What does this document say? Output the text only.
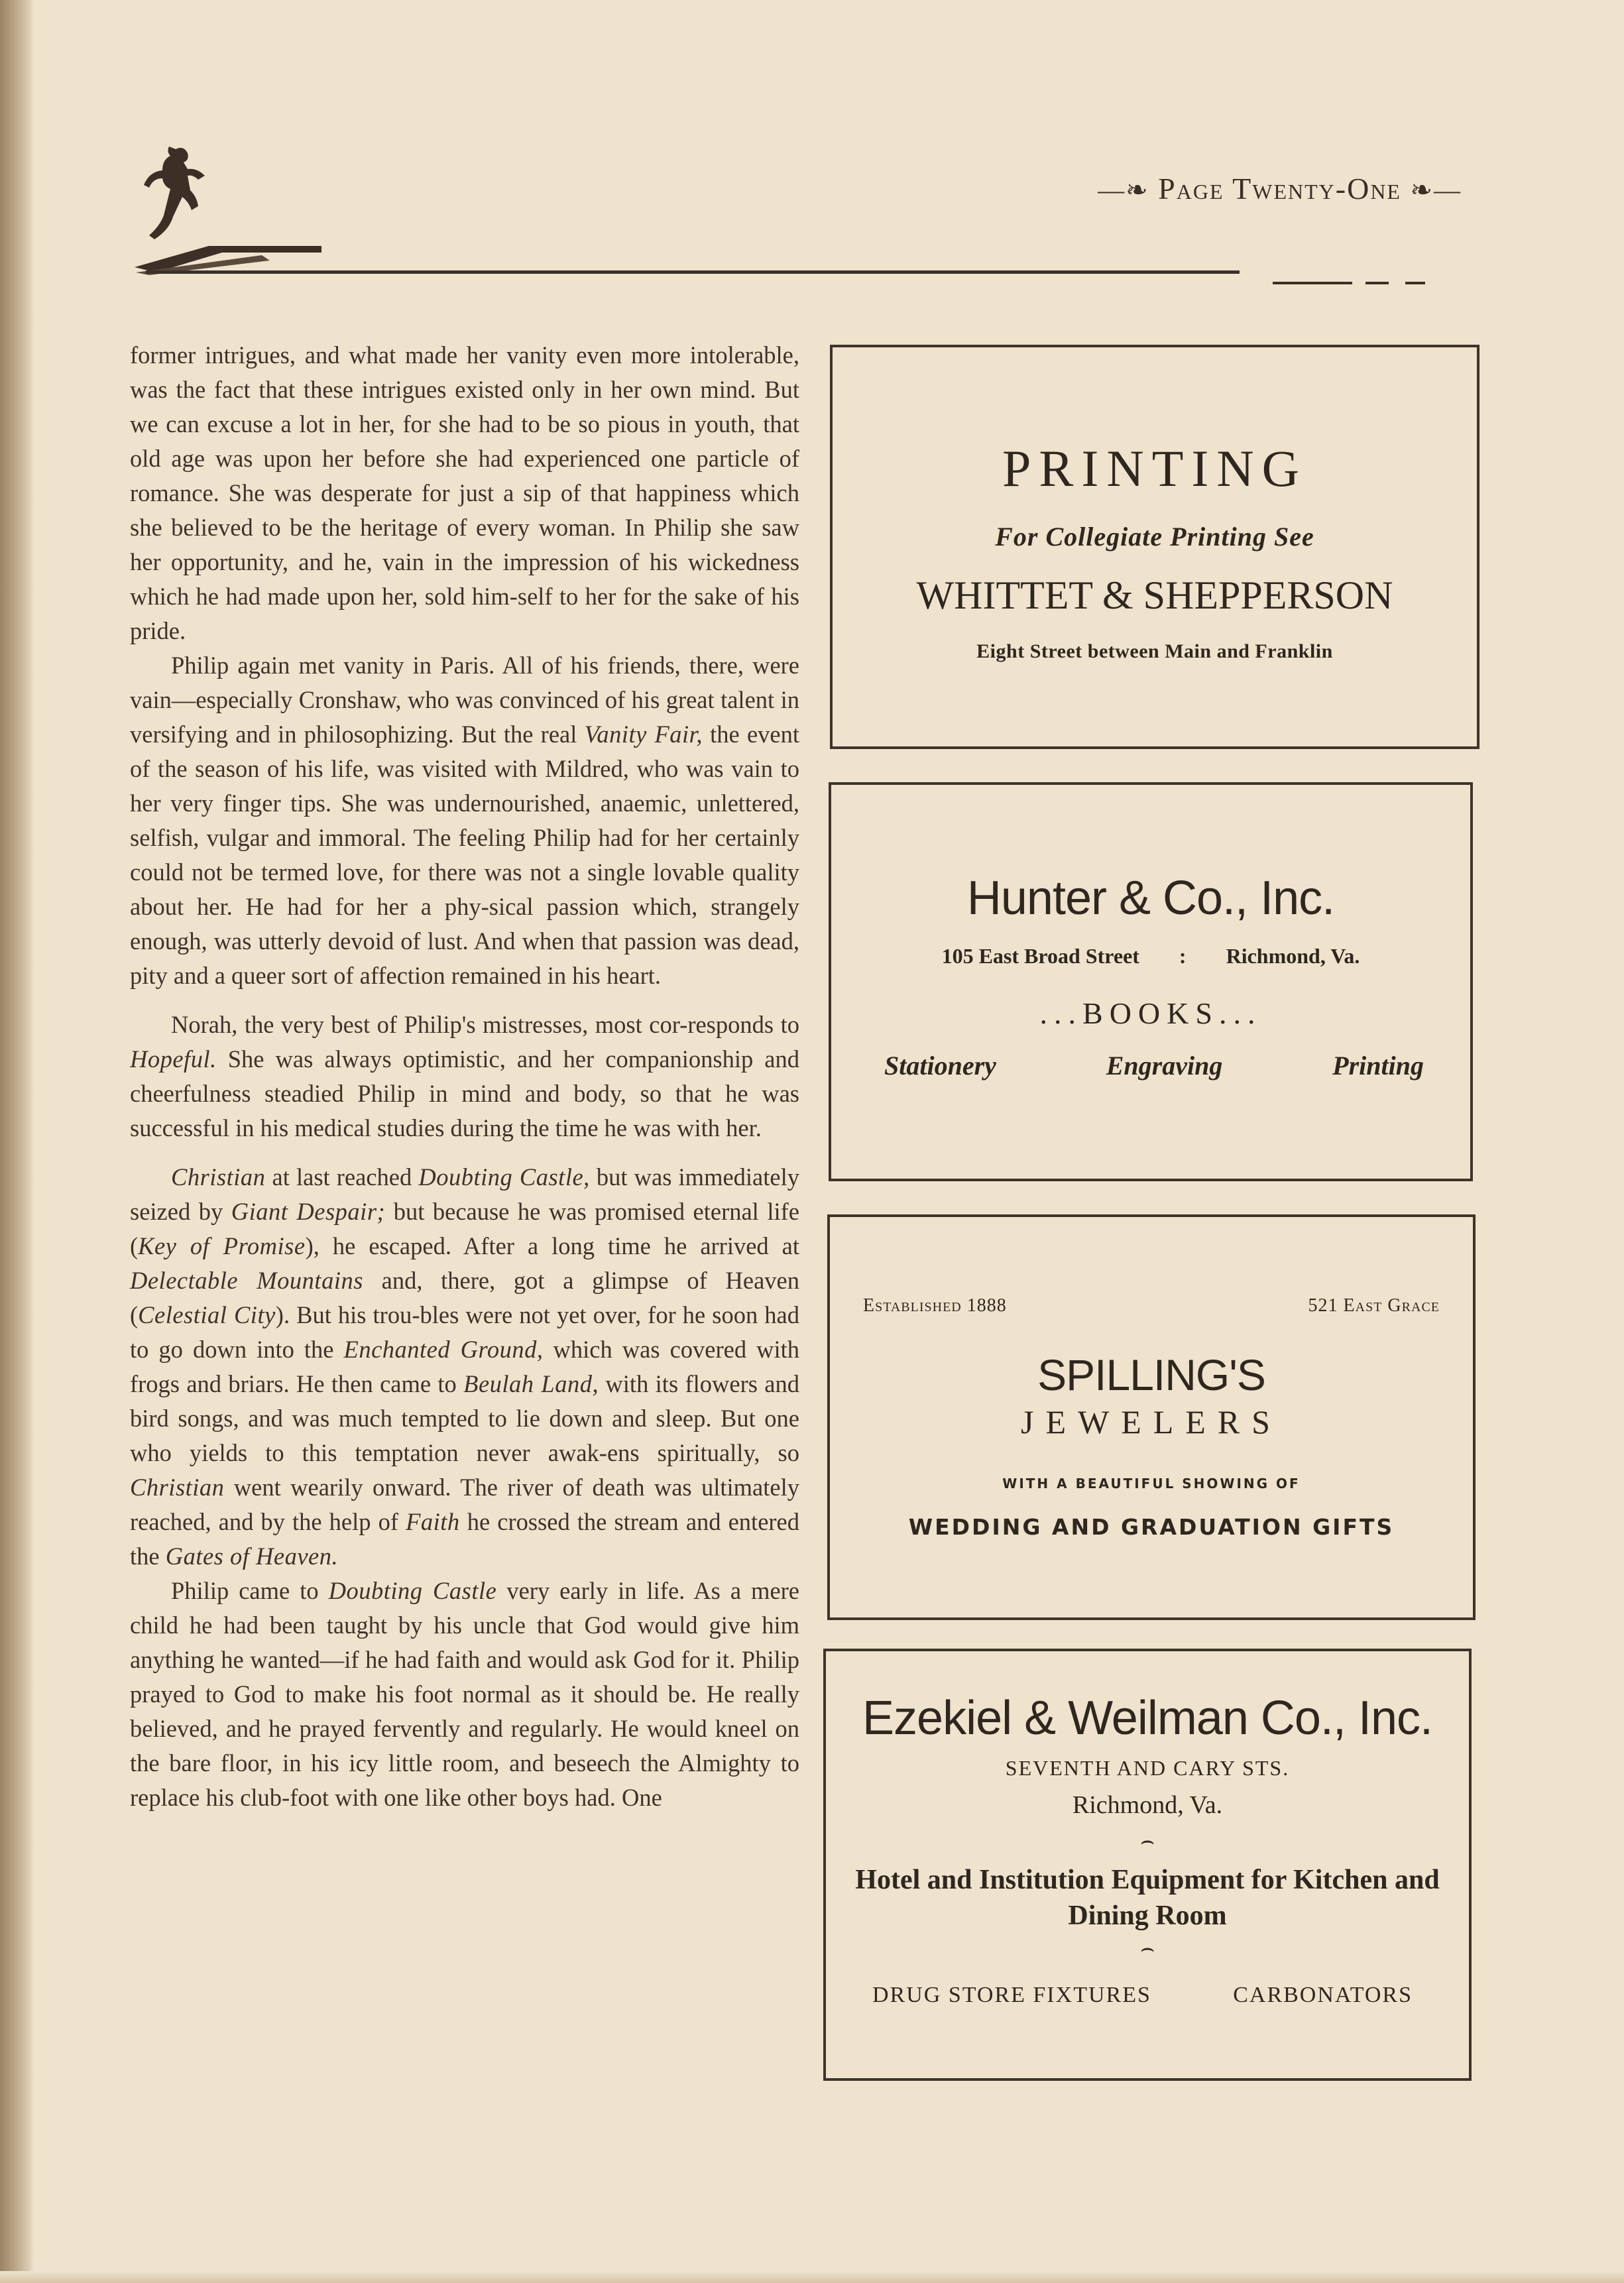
—❧ Page Twenty-One ❧—

former intrigues, and what made her vanity even more intolerable, was the fact that these intrigues existed only in her own mind. But we can excuse a lot in her, for she had to be so pious in youth, that old age was upon her before she had experienced one particle of romance. She was desperate for just a sip of that happiness which she believed to be the heritage of every woman. In Philip she saw her opportunity, and he, vain in the impression of his wickedness which he had made upon her, sold him-self to her for the sake of his pride.

Philip again met vanity in Paris. All of his friends, there, were vain—especially Cronshaw, who was convinced of his great talent in versifying and in philosophizing. But the real Vanity Fair, the event of the season of his life, was visited with Mildred, who was vain to her very finger tips. She was undernourished, anaemic, unlettered, selfish, vulgar and immoral. The feeling Philip had for her certainly could not be termed love, for there was not a single lovable quality about her. He had for her a phy-sical passion which, strangely enough, was utterly devoid of lust. And when that passion was dead, pity and a queer sort of affection remained in his heart.

Norah, the very best of Philip's mistresses, most cor-responds to Hopeful. She was always optimistic, and her companionship and cheerfulness steadied Philip in mind and body, so that he was successful in his medical studies during the time he was with her.

Christian at last reached Doubting Castle, but was immediately seized by Giant Despair; but because he was promised eternal life (Key of Promise), he escaped. After a long time he arrived at Delectable Mountains and, there, got a glimpse of Heaven (Celestial City). But his trou-bles were not yet over, for he soon had to go down into the Enchanted Ground, which was covered with frogs and briars. He then came to Beulah Land, with its flowers and bird songs, and was much tempted to lie down and sleep. But one who yields to this temptation never awak-ens spiritually, so Christian went wearily onward. The river of death was ultimately reached, and by the help of Faith he crossed the stream and entered the Gates of Heaven.

Philip came to Doubting Castle very early in life. As a mere child he had been taught by his uncle that God would give him anything he wanted—if he had faith and would ask God for it. Philip prayed to God to make his foot normal as it should be. He really believed, and he prayed fervently and regularly. He would kneel on the bare floor, in his icy little room, and beseech the Almighty to replace his club-foot with one like other boys had. One

PRINTING
For Collegiate Printing See
WHITTET & SHEPPERSON
Eight Street between Main and Franklin
Hunter & Co., Inc.
105 East Broad Street : Richmond, Va.
...BOOKS...
Stationery	Engraving	Printing
Established 1888	521 East Grace
SPILLING'S
JEWELERS
WITH A BEAUTIFUL SHOWING OF
WEDDING AND GRADUATION GIFTS
Ezekiel & Weilman Co., Inc.
SEVENTH AND CARY STS.
Richmond, Va.
⌢
Hotel and Institution Equipment for Kitchen and Dining Room
⌢
DRUG STORE FIXTURES	CARBONATORS
